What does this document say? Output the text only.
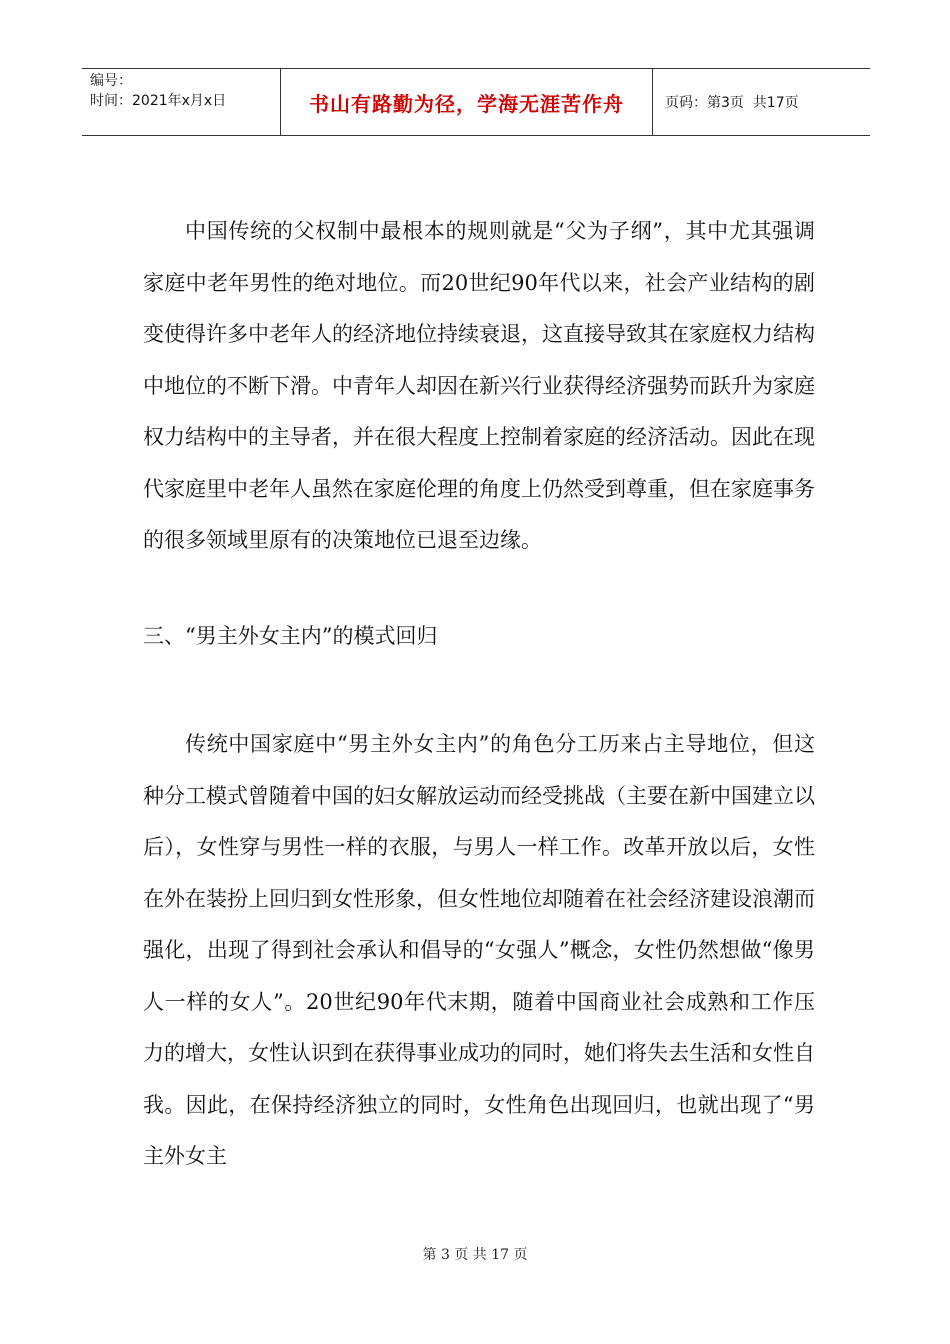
编号：
时间：2021年x月x日	书山有路勤为径，学海无涯苦作舟	页码：第3页  共17页

中国传统的父权制中最根本的规则就是“父为子纲”，其中尤其强调家庭中老年男性的绝对地位。而20世纪90年代以来，社会产业结构的剧变使得许多中老年人的经济地位持续衰退，这直接导致其在家庭权力结构中地位的不断下滑。中青年人却因在新兴行业获得经济强势而跃升为家庭权力结构中的主导者，并在很大程度上控制着家庭的经济活动。因此在现代家庭里中老年人虽然在家庭伦理的角度上仍然受到尊重，但在家庭事务的很多领域里原有的决策地位已退至边缘。

三、“男主外女主内”的模式回归

传统中国家庭中“男主外女主内”的角色分工历来占主导地位，但这种分工模式曾随着中国的妇女解放运动而经受挑战（主要在新中国建立以后），女性穿与男性一样的衣服，与男人一样工作。改革开放以后，女性在外在装扮上回归到女性形象，但女性地位却随着在社会经济建设浪潮而强化，出现了得到社会承认和倡导的“女强人”概念，女性仍然想做“像男人一样的女人”。20世纪90年代末期，随着中国商业社会成熟和工作压力的增大，女性认识到在获得事业成功的同时，她们将失去生活和女性自我。因此，在保持经济独立的同时，女性角色出现回归，也就出现了“男主外女主

第 3 页 共 17 页
